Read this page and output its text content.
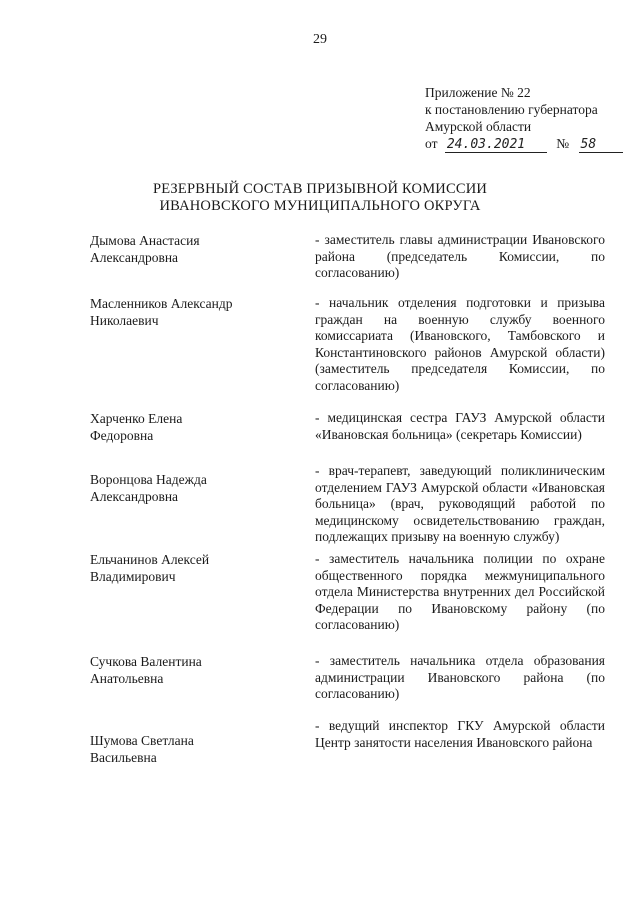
29
Приложение № 22
к постановлению губернатора
Амурской области
от 24.03.2021 № 58
РЕЗЕРВНЫЙ СОСТАВ ПРИЗЫВНОЙ КОМИССИИ
ИВАНОВСКОГО МУНИЦИПАЛЬНОГО ОКРУГА
Дымова Анастасия
Александровна
- заместитель главы администрации Ивановского района (председатель Комиссии, по согласованию)
Масленников Александр
Николаевич
- начальник отделения подготовки и призыва граждан на военную службу военного комиссариата (Ивановского, Тамбовского и Константиновского районов Амурской области) (заместитель председателя Комиссии, по согласованию)
Харченко Елена
Федоровна
- медицинская сестра ГАУЗ Амурской области «Ивановская больница» (секретарь Комиссии)
Воронцова Надежда
Александровна
- врач-терапевт, заведующий поликлиническим отделением ГАУЗ Амурской области «Ивановская больница» (врач, руководящий работой по медицинскому освидетельствованию граждан, подлежащих призыву на военную службу)
Ельчанинов Алексей
Владимирович
- заместитель начальника полиции по охране общественного порядка межмуниципального отдела Министерства внутренних дел Российской Федерации по Ивановскому району (по согласованию)
Сучкова Валентина
Анатольевна
- заместитель начальника отдела образования администрации Ивановского района (по согласованию)
Шумова Светлана
Васильевна
- ведущий инспектор ГКУ Амурской области Центр занятости населения Ивановского района
